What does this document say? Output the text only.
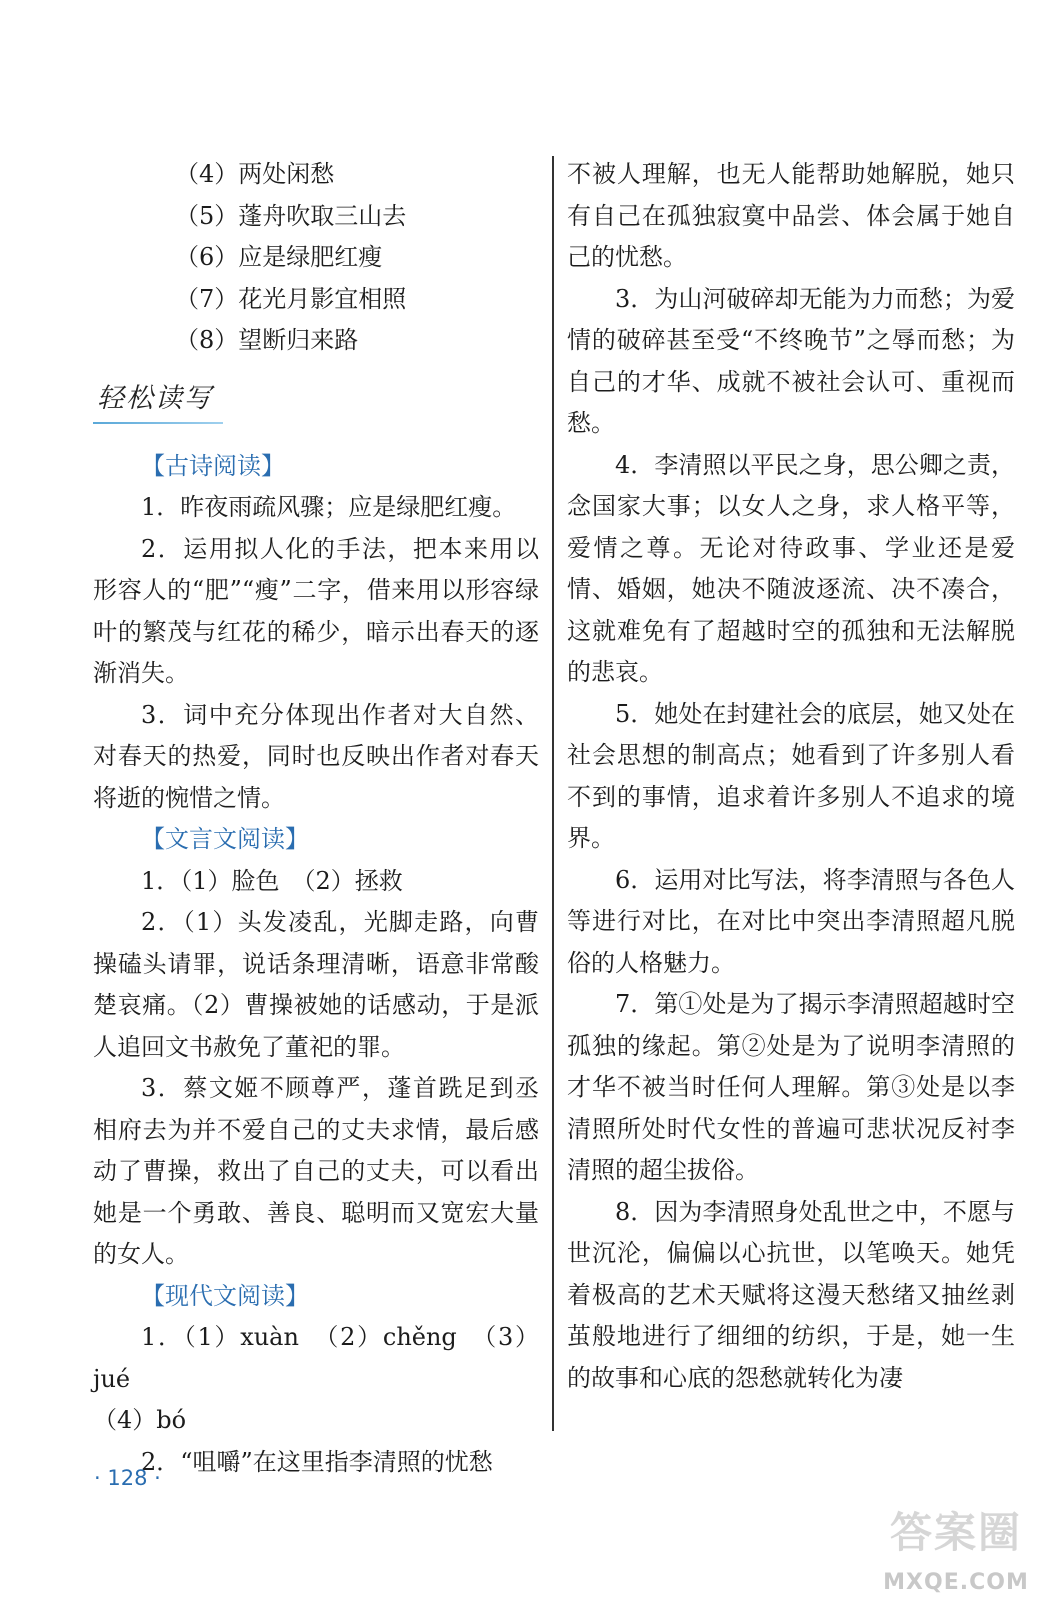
（4）两处闲愁

（5）蓬舟吹取三山去

（6）应是绿肥红瘦

（7）花光月影宜相照

（8）望断归来路

轻松读写

【古诗阅读】

1．昨夜雨疏风骤；应是绿肥红瘦。

2．运用拟人化的手法，把本来用以形容人的“肥”“瘦”二字，借来用以形容绿叶的繁茂与红花的稀少，暗示出春天的逐渐消失。

3．词中充分体现出作者对大自然、对春天的热爱，同时也反映出作者对春天将逝的惋惜之情。

【文言文阅读】

1．（1）脸色　（2）拯救

2．（1）头发凌乱，光脚走路，向曹操磕头请罪，说话条理清晰，语意非常酸楚哀痛。（2）曹操被她的话感动，于是派人追回文书赦免了董祀的罪。

3．蔡文姬不顾尊严，蓬首跣足到丞相府去为并不爱自己的丈夫求情，最后感动了曹操，救出了自己的丈夫，可以看出她是一个勇敢、善良、聪明而又宽宏大量的女人。

【现代文阅读】

1．（1）xuàn　（2）chěng　（3）jué

（4）bó

2．“咀嚼”在这里指李清照的忧愁

不被人理解，也无人能帮助她解脱，她只有自己在孤独寂寞中品尝、体会属于她自己的忧愁。

3．为山河破碎却无能为力而愁；为爱情的破碎甚至受“不终晚节”之辱而愁；为自己的才华、成就不被社会认可、重视而愁。

4．李清照以平民之身，思公卿之责，念国家大事；以女人之身，求人格平等，爱情之尊。无论对待政事、学业还是爱情、婚姻，她决不随波逐流、决不凑合，这就难免有了超越时空的孤独和无法解脱的悲哀。

5．她处在封建社会的底层，她又处在社会思想的制高点；她看到了许多别人看不到的事情，追求着许多别人不追求的境界。

6．运用对比写法，将李清照与各色人等进行对比，在对比中突出李清照超凡脱俗的人格魅力。

7．第①处是为了揭示李清照超越时空孤独的缘起。第②处是为了说明李清照的才华不被当时任何人理解。第③处是以李清照所处时代女性的普遍可悲状况反衬李清照的超尘拔俗。

8．因为李清照身处乱世之中，不愿与世沉沦，偏偏以心抗世，以笔唤天。她凭着极高的艺术天赋将这漫天愁绪又抽丝剥茧般地进行了细细的纺织，于是，她一生的故事和心底的怨愁就转化为凄

· 128 ·
答案圈
MXQE.COM
